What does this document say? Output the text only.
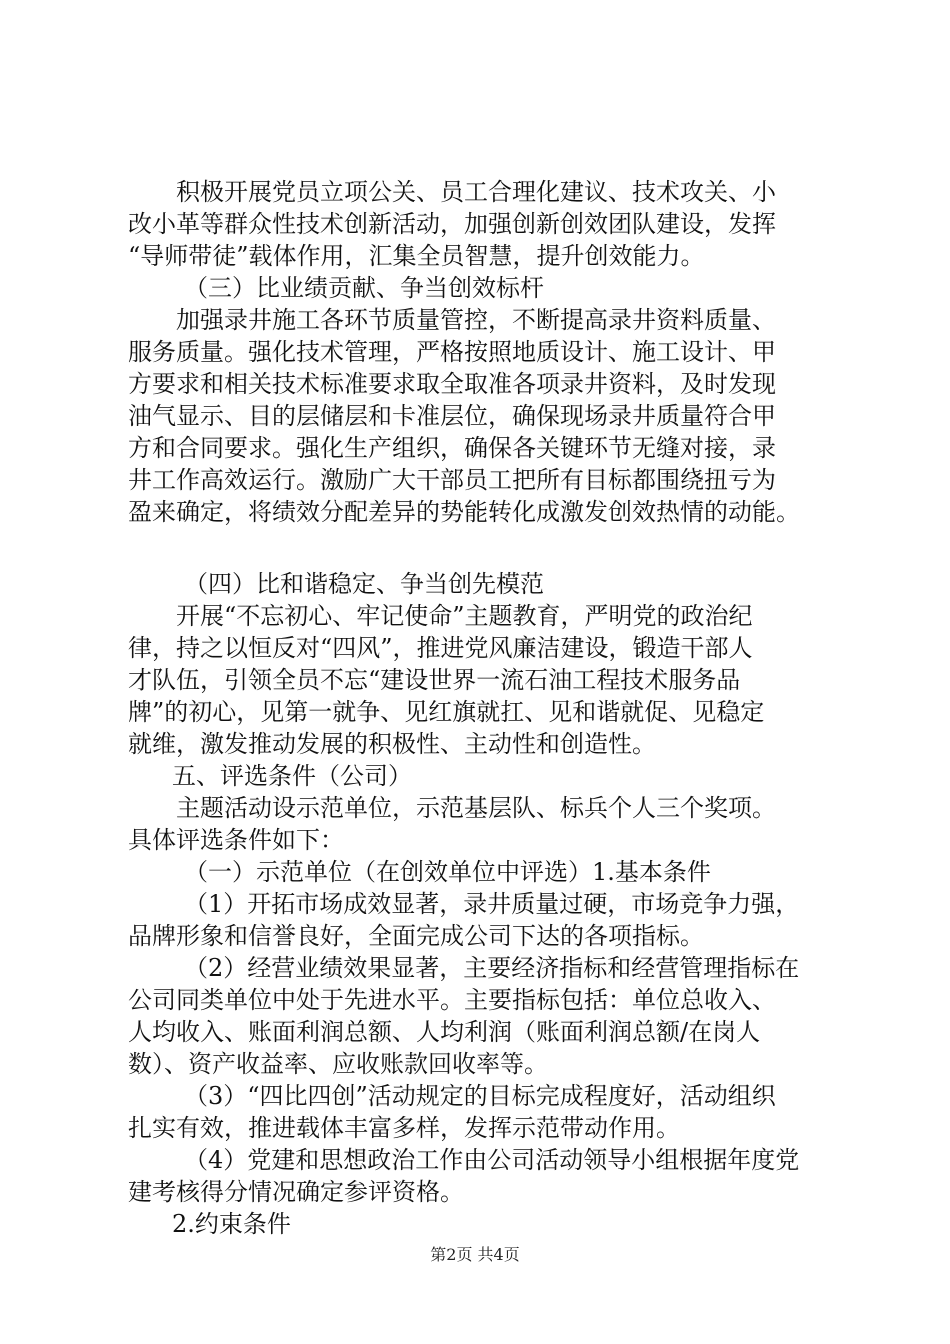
积极开展党员立项公关、员工合理化建议、技术攻关、小
改小革等群众性技术创新活动，加强创新创效团队建设，发挥
“导师带徒”载体作用，汇集全员智慧，提升创效能力。
（三）比业绩贡献、争当创效标杆
加强录井施工各环节质量管控，不断提高录井资料质量、
服务质量。强化技术管理，严格按照地质设计、施工设计、甲
方要求和相关技术标准要求取全取准各项录井资料，及时发现
油气显示、目的层储层和卡准层位，确保现场录井质量符合甲
方和合同要求。强化生产组织，确保各关键环节无缝对接，录
井工作高效运行。激励广大干部员工把所有目标都围绕扭亏为
盈来确定，将绩效分配差异的势能转化成激发创效热情的动能。
（四）比和谐稳定、争当创先模范
开展“不忘初心、牢记使命”主题教育，严明党的政治纪
律，持之以恒反对“四风”，推进党风廉洁建设，锻造干部人
才队伍，引领全员不忘“建设世界一流石油工程技术服务品
牌”的初心，见第一就争、见红旗就扛、见和谐就促、见稳定
就维，激发推动发展的积极性、主动性和创造性。
五、评选条件（公司）
主题活动设示范单位，示范基层队、标兵个人三个奖项。
具体评选条件如下：
（一）示范单位（在创效单位中评选）1.基本条件
（1）开拓市场成效显著，录井质量过硬，市场竞争力强，
品牌形象和信誉良好，全面完成公司下达的各项指标。
（2）经营业绩效果显著，主要经济指标和经营管理指标在
公司同类单位中处于先进水平。主要指标包括：单位总收入、
人均收入、账面利润总额、人均利润（账面利润总额/在岗人
数）、资产收益率、应收账款回收率等。
（3）“四比四创”活动规定的目标完成程度好，活动组织
扎实有效，推进载体丰富多样，发挥示范带动作用。
（4）党建和思想政治工作由公司活动领导小组根据年度党
建考核得分情况确定参评资格。
2.约束条件
第2页 共4页
